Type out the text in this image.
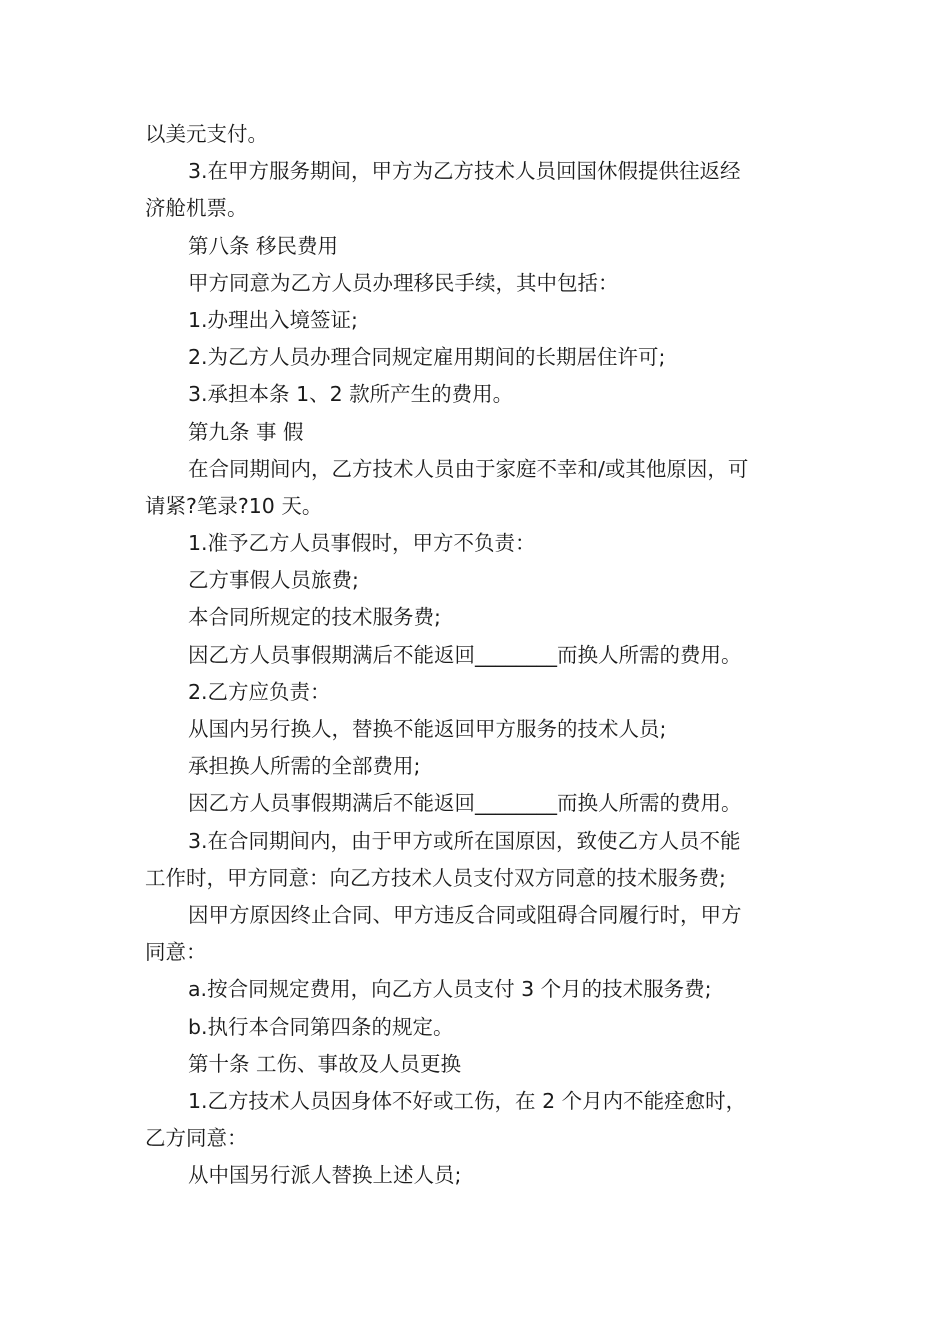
以美元支付。
3.在甲方服务期间，甲方为乙方技术人员回国休假提供往返经
济舱机票。
第八条 移民费用
甲方同意为乙方人员办理移民手续，其中包括：
1.办理出入境签证;
2.为乙方人员办理合同规定雇用期间的长期居住许可;
3.承担本条 1、2 款所产生的费用。
第九条 事 假
在合同期间内，乙方技术人员由于家庭不幸和/或其他原因，可
请紧?笔录?10 天。
1.准予乙方人员事假时，甲方不负责：
乙方事假人员旅费;
本合同所规定的技术服务费;
因乙方人员事假期满后不能返回________而换人所需的费用。
2.乙方应负责：
从国内另行换人，替换不能返回甲方服务的技术人员;
承担换人所需的全部费用;
因乙方人员事假期满后不能返回________而换人所需的费用。
3.在合同期间内，由于甲方或所在国原因，致使乙方人员不能
工作时，甲方同意：向乙方技术人员支付双方同意的技术服务费;
因甲方原因终止合同、甲方违反合同或阻碍合同履行时，甲方
同意：
a.按合同规定费用，向乙方人员支付 3 个月的技术服务费;
b.执行本合同第四条的规定。
第十条 工伤、事故及人员更换
1.乙方技术人员因身体不好或工伤，在 2 个月内不能痊愈时，
乙方同意：
从中国另行派人替换上述人员;
